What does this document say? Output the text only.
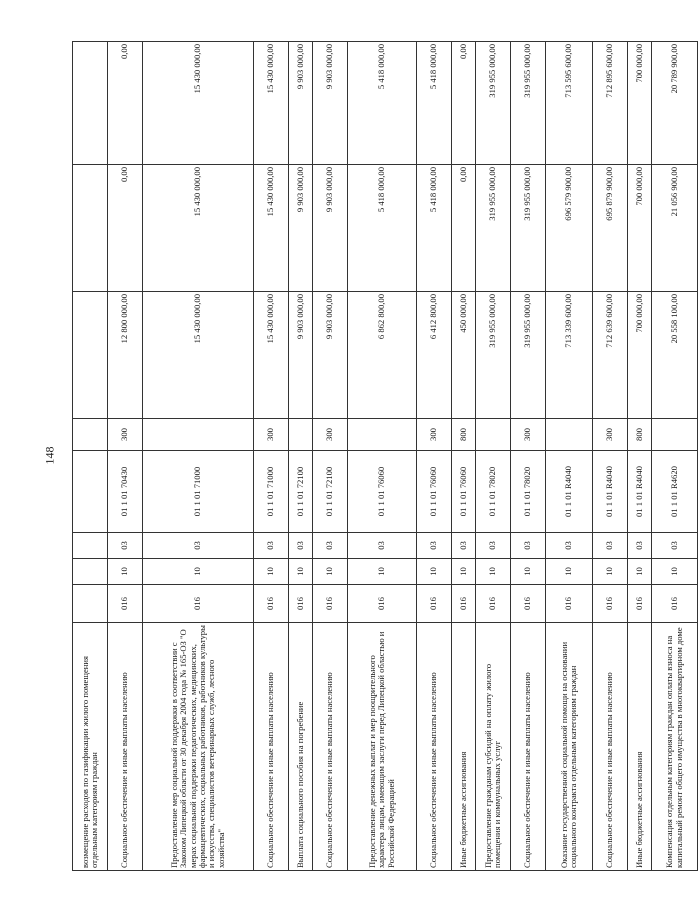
148
возмещение расходов по газификации жилого помещения отдельным категориям граждан								
Социальное обеспечение и иные выплаты населению	016	10	03	01 1 01 70430	300	12 800 000,00	0,00	0,00
Предоставление мер социальной поддержки в соответствии с Законом Липецкой области от 30 декабря 2004 года № 165-ОЗ "О мерах социальной поддержки педагогических, медицинских, фармацевтических, социальных работников, работников культуры и искусства, специалистов ветеринарных служб, лесного хозяйства"	016	10	03	01 1 01 71000		15 430 000,00	15 430 000,00	15 430 000,00
Социальное обеспечение и иные выплаты населению	016	10	03	01 1 01 71000	300	15 430 000,00	15 430 000,00	15 430 000,00
Выплата социального пособия на погребение	016	10	03	01 1 01 72100		9 903 000,00	9 903 000,00	9 903 000,00
Социальное обеспечение и иные выплаты населению	016	10	03	01 1 01 72100	300	9 903 000,00	9 903 000,00	9 903 000,00
Предоставление денежных выплат и мер поощрительного характера лицам, имеющим заслуги перед Липецкой областью и Российской Федерацией	016	10	03	01 1 01 76060		6 862 800,00	5 418 000,00	5 418 000,00
Социальное обеспечение и иные выплаты населению	016	10	03	01 1 01 76060	300	6 412 800,00	5 418 000,00	5 418 000,00
Иные бюджетные ассигнования	016	10	03	01 1 01 76060	800	450 000,00	0,00	0,00
Предоставление гражданам субсидий на оплату жилого помещения и коммунальных услуг	016	10	03	01 1 01 78020		319 955 000,00	319 955 000,00	319 955 000,00
Социальное обеспечение и иные выплаты населению	016	10	03	01 1 01 78020	300	319 955 000,00	319 955 000,00	319 955 000,00
Оказание государственной социальной помощи на основании социального контракта отдельным категориям граждан	016	10	03	01 1 01 R4040		713 339 600,00	696 579 900,00	713 595 600,00
Социальное обеспечение и иные выплаты населению	016	10	03	01 1 01 R4040	300	712 639 600,00	695 879 900,00	712 895 600,00
Иные бюджетные ассигнования	016	10	03	01 1 01 R4040	800	700 000,00	700 000,00	700 000,00
Компенсация отдельным категориям граждан оплаты взноса на капитальный ремонт общего имущества в многоквартирном доме	016	10	03	01 1 01 R4620		20 558 100,00	21 056 900,00	20 789 900,00
